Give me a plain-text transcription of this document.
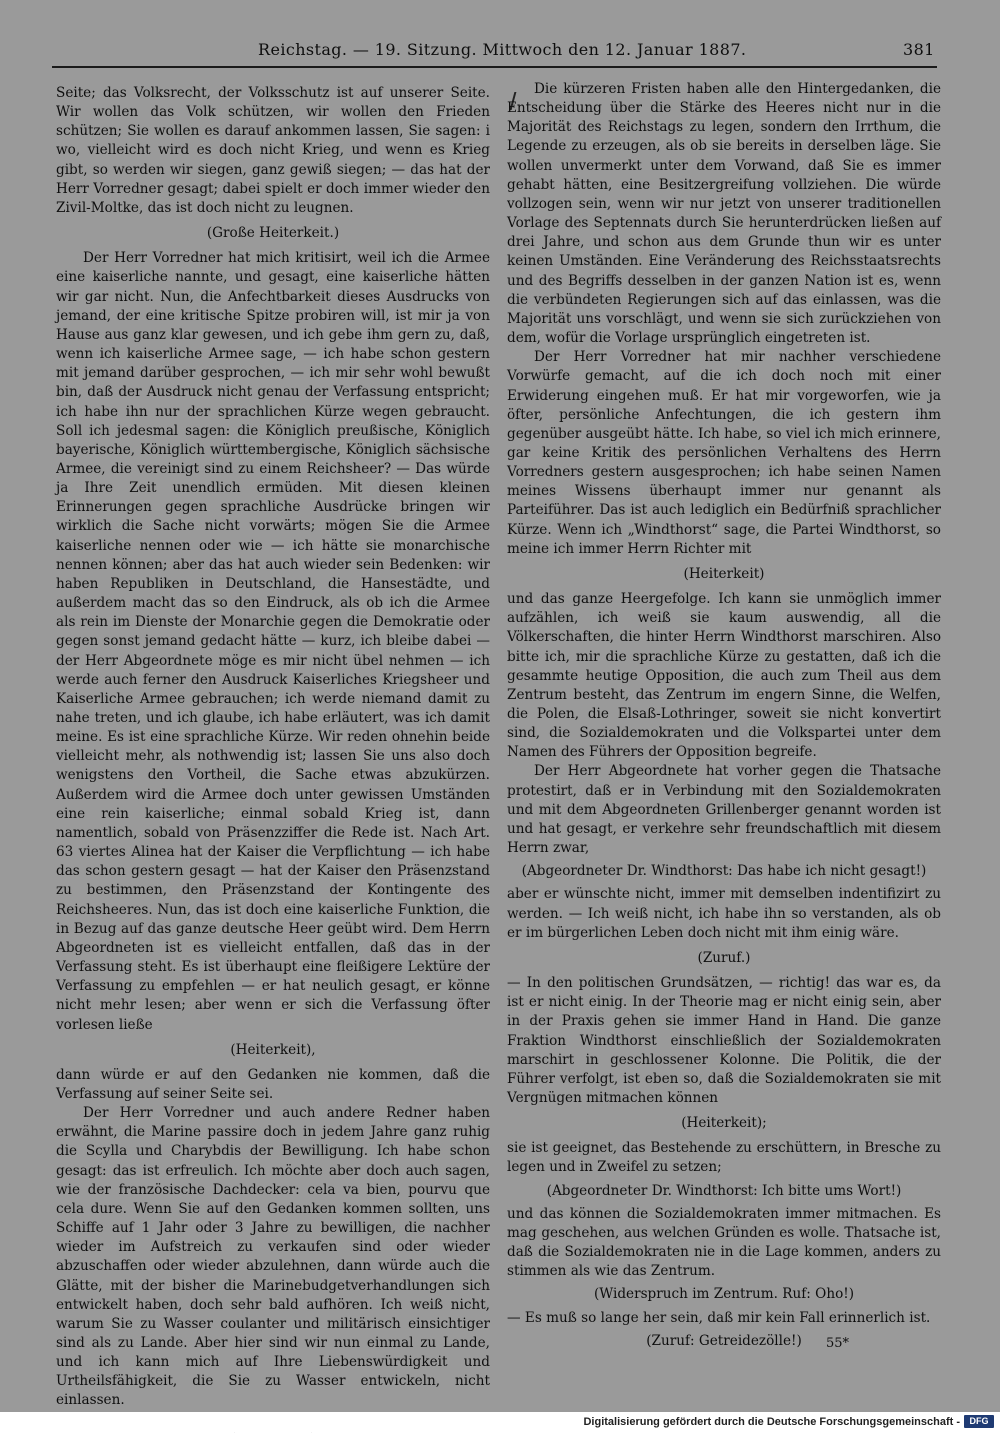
Reichstag. — 19. Sitzung. Mittwoch den 12. Januar 1887.	381

Seite; das Volksrecht, der Volksschutz ist auf unserer Seite. Wir wollen das Volk schützen, wir wollen den Frieden schützen; Sie wollen es darauf ankommen lassen, Sie sagen: i wo, vielleicht wird es doch nicht Krieg, und wenn es Krieg gibt, so werden wir siegen, ganz gewiß siegen; — das hat der Herr Vorredner gesagt; dabei spielt er doch immer wieder den Zivil-Moltke, das ist doch nicht zu leugnen.

(Große Heiterkeit.)

Der Herr Vorredner hat mich kritisirt, weil ich die Armee eine kaiserliche nannte, und gesagt, eine kaiserliche hätten wir gar nicht. Nun, die Anfechtbarkeit dieses Ausdrucks von jemand, der eine kritische Spitze probiren will, ist mir ja von Hause aus ganz klar gewesen, und ich gebe ihm gern zu, daß, wenn ich kaiserliche Armee sage, — ich habe schon gestern mit jemand darüber gesprochen, — ich mir sehr wohl bewußt bin, daß der Ausdruck nicht genau der Verfassung entspricht; ich habe ihn nur der sprachlichen Kürze wegen gebraucht. Soll ich jedesmal sagen: die Königlich preußische, Königlich bayerische, Königlich württembergische, Königlich sächsische Armee, die vereinigt sind zu einem Reichsheer? — Das würde ja Ihre Zeit unendlich ermüden. Mit diesen kleinen Erinnerungen gegen sprachliche Ausdrücke bringen wir wirklich die Sache nicht vorwärts; mögen Sie die Armee kaiserliche nennen oder wie — ich hätte sie monarchische nennen können; aber das hat auch wieder sein Bedenken: wir haben Republiken in Deutschland, die Hansestädte, und außerdem macht das so den Eindruck, als ob ich die Armee als rein im Dienste der Monarchie gegen die Demokratie oder gegen sonst jemand gedacht hätte — kurz, ich bleibe dabei — der Herr Abgeordnete möge es mir nicht übel nehmen — ich werde auch ferner den Ausdruck Kaiserliches Kriegsheer und Kaiserliche Armee gebrauchen; ich werde niemand damit zu nahe treten, und ich glaube, ich habe erläutert, was ich damit meine. Es ist eine sprachliche Kürze. Wir reden ohnehin beide vielleicht mehr, als nothwendig ist; lassen Sie uns also doch wenigstens den Vortheil, die Sache etwas abzukürzen. Außerdem wird die Armee doch unter gewissen Umständen eine rein kaiserliche; einmal sobald Krieg ist, dann namentlich, sobald von Präsenzziffer die Rede ist. Nach Art. 63 viertes Alinea hat der Kaiser die Verpflichtung — ich habe das schon gestern gesagt — hat der Kaiser den Präsenzstand zu bestimmen, den Präsenzstand der Kontingente des Reichsheeres. Nun, das ist doch eine kaiserliche Funktion, die in Bezug auf das ganze deutsche Heer geübt wird. Dem Herrn Abgeordneten ist es vielleicht entfallen, daß das in der Verfassung steht. Es ist überhaupt eine fleißigere Lektüre der Verfassung zu empfehlen — er hat neulich gesagt, er könne nicht mehr lesen; aber wenn er sich die Verfassung öfter vorlesen ließe

(Heiterkeit),

dann würde er auf den Gedanken nie kommen, daß die Verfassung auf seiner Seite sei.

Der Herr Vorredner und auch andere Redner haben erwähnt, die Marine passire doch in jedem Jahre ganz ruhig die Scylla und Charybdis der Bewilligung. Ich habe schon gesagt: das ist erfreulich. Ich möchte aber doch auch sagen, wie der französische Dachdecker: cela va bien, pourvu que cela dure. Wenn Sie auf den Gedanken kommen sollten, uns Schiffe auf 1 Jahr oder 3 Jahre zu bewilligen, die nachher wieder im Aufstreich zu verkaufen sind oder wieder abzuschaffen oder wieder abzulehnen, dann würde auch die Glätte, mit der bisher die Marinebudgetverhandlungen sich entwickelt haben, doch sehr bald aufhören. Ich weiß nicht, warum Sie zu Wasser coulanter und militärisch einsichtiger sind als zu Lande. Aber hier sind wir nun einmal zu Lande, und ich kann mich auf Ihre Liebenswürdigkeit und Urtheilsfähigkeit, die Sie zu Wasser entwickeln, nicht einlassen.

Die kürzeren Fristen haben alle den Hintergedanken, die Entscheidung über die Stärke des Heeres nicht nur in die Majorität des Reichstags zu legen, sondern den Irrthum, die Legende zu erzeugen, als ob sie bereits in derselben läge. Sie wollen unvermerkt unter dem Vorwand, daß Sie es immer gehabt hätten, eine Besitzergreifung vollziehen. Die würde vollzogen sein, wenn wir nur jetzt von unserer traditionellen Vorlage des Septennats durch Sie herunterdrücken ließen auf drei Jahre, und schon aus dem Grunde thun wir es unter keinen Umständen. Eine Veränderung des Reichsstaatsrechts und des Begriffs desselben in der ganzen Nation ist es, wenn die verbündeten Regierungen sich auf das einlassen, was die Majorität uns vorschlägt, und wenn sie sich zurückziehen von dem, wofür die Vorlage ursprünglich eingetreten ist.

Der Herr Vorredner hat mir nachher verschiedene Vorwürfe gemacht, auf die ich doch noch mit einer Erwiderung eingehen muß. Er hat mir vorgeworfen, wie ja öfter, persönliche Anfechtungen, die ich gestern ihm gegenüber ausgeübt hätte. Ich habe, so viel ich mich erinnere, gar keine Kritik des persönlichen Verhaltens des Herrn Vorredners gestern ausgesprochen; ich habe seinen Namen meines Wissens überhaupt immer nur genannt als Parteiführer. Das ist auch lediglich ein Bedürfniß sprachlicher Kürze. Wenn ich „Windthorst“ sage, die Partei Windthorst, so meine ich immer Herrn Richter mit

(Heiterkeit)

und das ganze Heergefolge. Ich kann sie unmöglich immer aufzählen, ich weiß sie kaum auswendig, all die Völkerschaften, die hinter Herrn Windthorst marschiren. Also bitte ich, mir die sprachliche Kürze zu gestatten, daß ich die gesammte heutige Opposition, die auch zum Theil aus dem Zentrum besteht, das Zentrum im engern Sinne, die Welfen, die Polen, die Elsaß-Lothringer, soweit sie nicht konvertirt sind, die Sozialdemokraten und die Volkspartei unter dem Namen des Führers der Opposition begreife.

Der Herr Abgeordnete hat vorher gegen die Thatsache protestirt, daß er in Verbindung mit den Sozialdemokraten und mit dem Abgeordneten Grillenberger genannt worden ist und hat gesagt, er verkehre sehr freundschaftlich mit diesem Herrn zwar,

(Abgeordneter Dr. Windthorst: Das habe ich nicht gesagt!)

aber er wünschte nicht, immer mit demselben indentifizirt zu werden. — Ich weiß nicht, ich habe ihn so verstanden, als ob er im bürgerlichen Leben doch nicht mit ihm einig wäre.

(Zuruf.)

— In den politischen Grundsätzen, — richtig! das war es, da ist er nicht einig. In der Theorie mag er nicht einig sein, aber in der Praxis gehen sie immer Hand in Hand. Die ganze Fraktion Windthorst einschließlich der Sozialdemokraten marschirt in geschlossener Kolonne. Die Politik, die der Führer verfolgt, ist eben so, daß die Sozialdemokraten sie mit Vergnügen mitmachen können

(Heiterkeit);

sie ist geeignet, das Bestehende zu erschüttern, in Bresche zu legen und in Zweifel zu setzen;

(Abgeordneter Dr. Windthorst: Ich bitte ums Wort!)

und das können die Sozialdemokraten immer mitmachen. Es mag geschehen, aus welchen Gründen es wolle. Thatsache ist, daß die Sozialdemokraten nie in die Lage kommen, anders zu stimmen als wie das Zentrum.

(Widerspruch im Zentrum. Ruf: Oho!)

— Es muß so lange her sein, daß mir kein Fall erinnerlich ist.

(Zuruf: Getreidezölle!)	55*
Digitalisierung gefördert durch die Deutsche Forschungsgemeinschaft -	DFG
